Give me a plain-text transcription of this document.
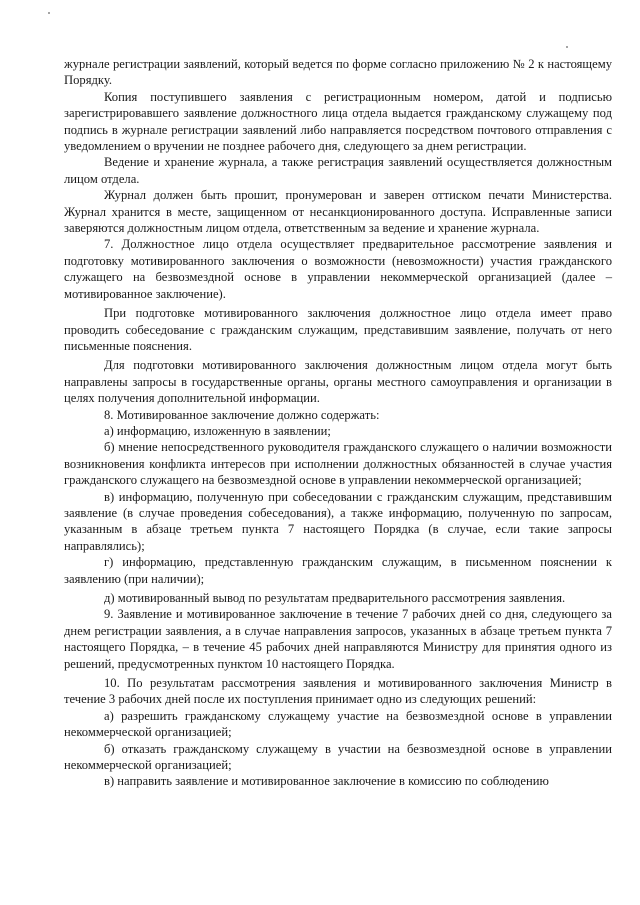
журнале регистрации заявлений, который ведется по форме согласно приложению № 2 к настоящему Порядку.

Копия поступившего заявления с регистрационным номером, датой и подписью зарегистрировавшего заявление должностного лица отдела выдается гражданскому служащему под подпись в журнале регистрации заявлений либо направляется посредством почтового отправления с уведомлением о вручении не позднее рабочего дня, следующего за днем регистрации.

Ведение и хранение журнала, а также регистрация заявлений осуществляется должностным лицом отдела.

Журнал должен быть прошит, пронумерован и заверен оттиском печати Министерства. Журнал хранится в месте, защищенном от несанкционированного доступа. Исправленные записи заверяются должностным лицом отдела, ответственным за ведение и хранение журнала.

7. Должностное лицо отдела осуществляет предварительное рассмотрение заявления и подготовку мотивированного заключения о возможности (невозможности) участия гражданского служащего на безвозмездной основе в управлении некоммерческой организацией (далее – мотивированное заключение).

При подготовке мотивированного заключения должностное лицо отдела имеет право проводить собеседование с гражданским служащим, представившим заявление, получать от него письменные пояснения.

Для подготовки мотивированного заключения должностным лицом отдела могут быть направлены запросы в государственные органы, органы местного самоуправления и организации в целях получения дополнительной информации.

8. Мотивированное заключение должно содержать:

а) информацию, изложенную в заявлении;

б) мнение непосредственного руководителя гражданского служащего о наличии возможности возникновения конфликта интересов при исполнении должностных обязанностей в случае участия гражданского служащего на безвозмездной основе в управлении некоммерческой организацией;

в) информацию, полученную при собеседовании с гражданским служащим, представившим заявление (в случае проведения собеседования), а также информацию, полученную по запросам, указанным в абзаце третьем пункта 7 настоящего Порядка (в случае, если такие запросы направлялись);

г) информацию, представленную гражданским служащим, в письменном пояснении к заявлению (при наличии);

д) мотивированный вывод по результатам предварительного рассмотрения заявления.

9. Заявление и мотивированное заключение в течение 7 рабочих дней со дня, следующего за днем регистрации заявления, а в случае направления запросов, указанных в абзаце третьем пункта 7 настоящего Порядка, – в течение 45 рабочих дней направляются Министру для принятия одного из решений, предусмотренных пунктом 10 настоящего Порядка.

10. По результатам рассмотрения заявления и мотивированного заключения Министр в течение 3 рабочих дней после их поступления принимает одно из следующих решений:

а) разрешить гражданскому служащему участие на безвозмездной основе в управлении некоммерческой организацией;

б) отказать гражданскому служащему в участии на безвозмездной основе в управлении некоммерческой организацией;

в) направить заявление и мотивированное заключение в комиссию по соблюдению
